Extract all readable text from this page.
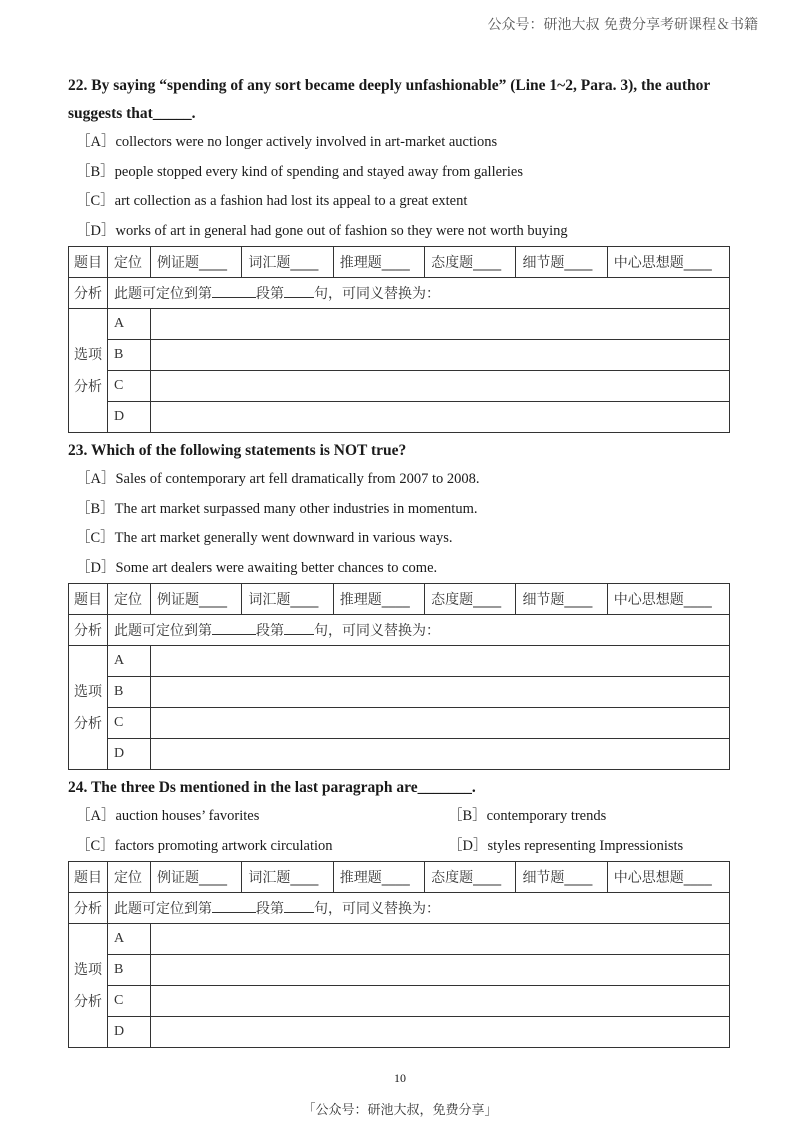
公众号：研池大叔 免费分享考研课程＆书籍

22. By saying “spending of any sort became deeply unfashionable” (Line 1~2, Para. 3), the author suggests that_____.

［A］collectors were no longer actively involved in art-market auctions

［B］people stopped every kind of spending and stayed away from galleries

［C］art collection as a fashion had lost its appeal to a great extent

［D］works of art in general had gone out of fashion so they were not worth buying

题目	定位	例证题____	词汇题____	推理题____	态度题____	细节题____	中心思想题____
分析	此题可定位到第 段第 句，可同义替换为：						

选项
分析	A						
	B						
	C						
	D						

23. Which of the following statements is NOT true?

［A］Sales of contemporary art fell dramatically from 2007 to 2008.

［B］The art market surpassed many other industries in momentum.

［C］The art market generally went downward in various ways.

［D］Some art dealers were awaiting better chances to come.

题目	定位	例证题____	词汇题____	推理题____	态度题____	细节题____	中心思想题____
分析	此题可定位到第 段第 句，可同义替换为：						

选项
分析	A						
	B						
	C						
	D						

24. The three Ds mentioned in the last paragraph are_______.

［A］auction houses’ favorites	［B］contemporary trends
［C］factors promoting artwork circulation	［D］styles representing Impressionists
题目	定位	例证题____	词汇题____	推理题____	态度题____	细节题____	中心思想题____
分析	此题可定位到第 段第 句，可同义替换为：						

选项
分析	A						
	B						
	C						
	D						
10
「公众号：研池大叔，免费分享」
